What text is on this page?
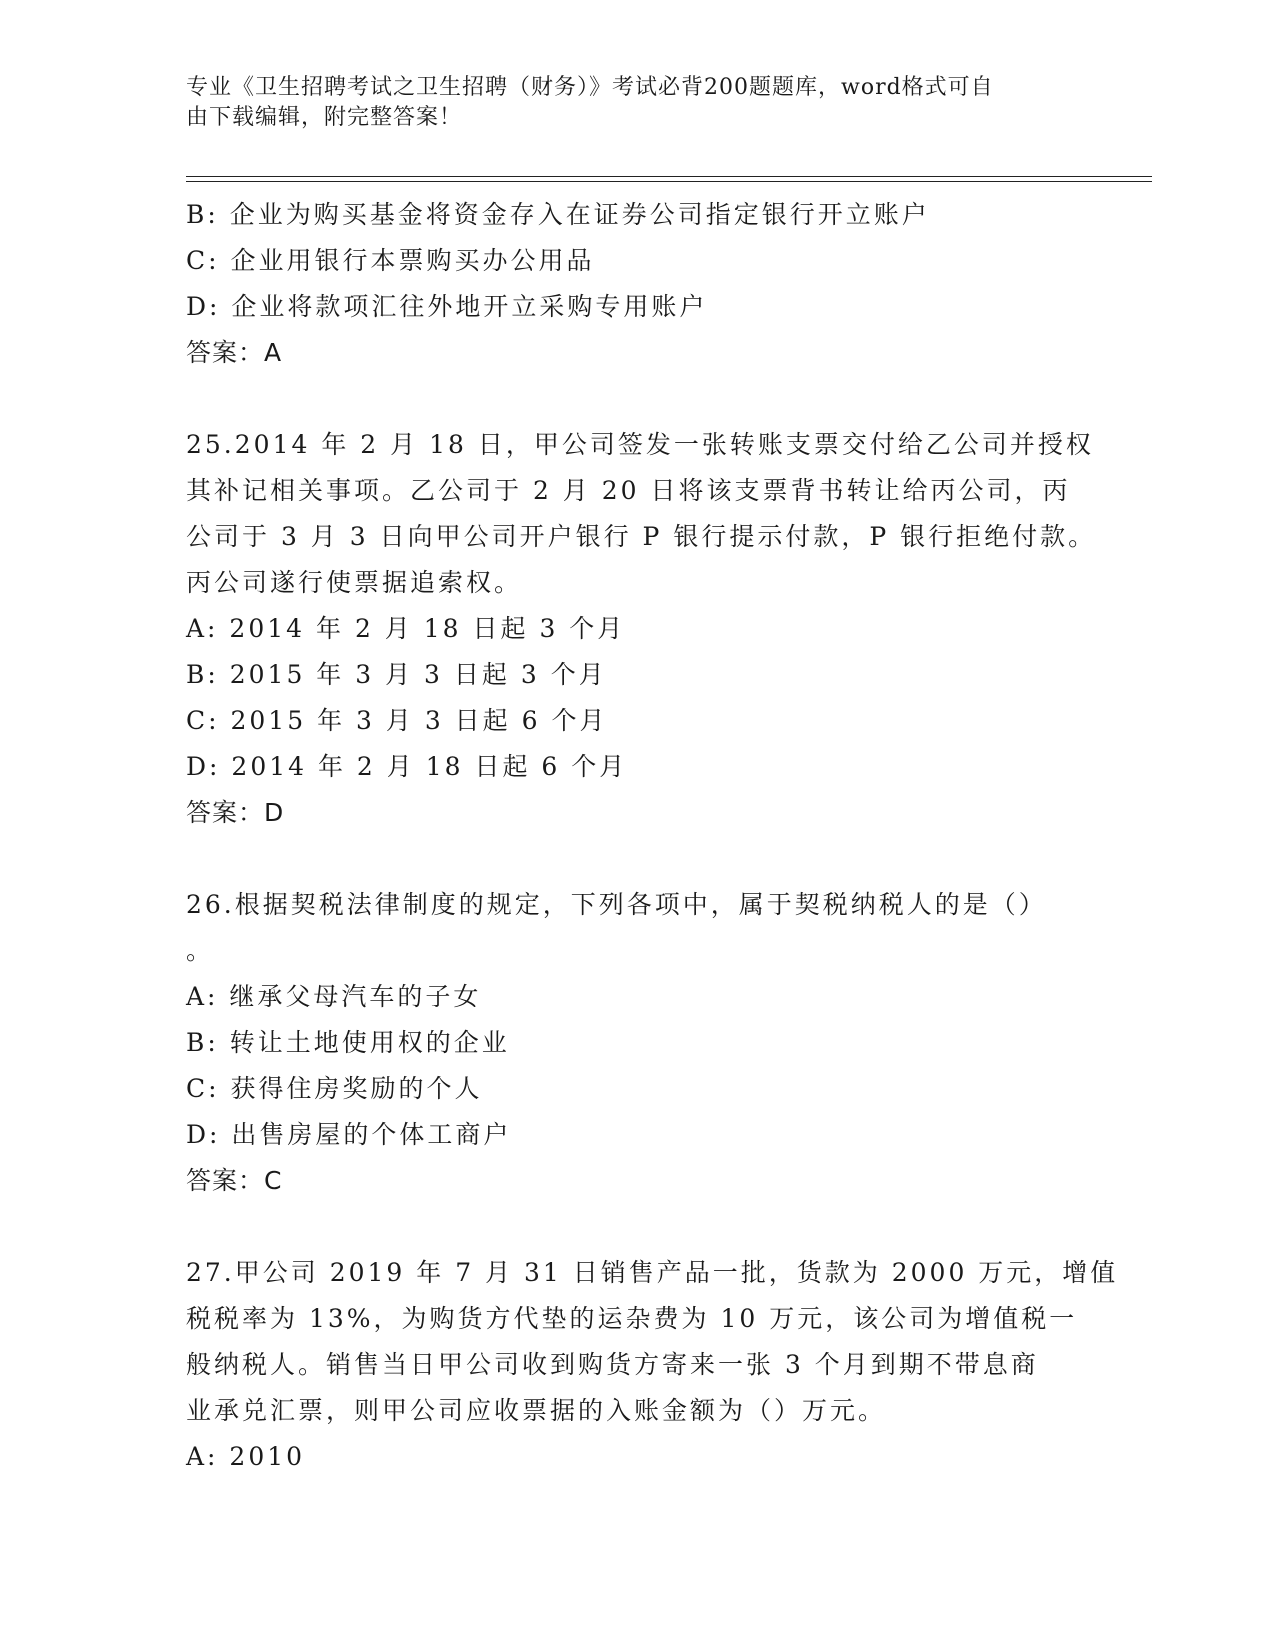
专业《卫生招聘考试之卫生招聘（财务）》考试必背200题题库，word格式可自
由下载编辑，附完整答案！
B: 企业为购买基金将资金存入在证券公司指定银行开立账户
C: 企业用银行本票购买办公用品
D: 企业将款项汇往外地开立采购专用账户
答案：A
25.2014 年 2 月 18 日，甲公司签发一张转账支票交付给乙公司并授权
其补记相关事项。乙公司于 2 月 20 日将该支票背书转让给丙公司，丙
公司于 3 月 3 日向甲公司开户银行 P 银行提示付款，P 银行拒绝付款。
丙公司遂行使票据追索权。
A: 2014 年 2 月 18 日起 3 个月
B: 2015 年 3 月 3 日起 3 个月
C: 2015 年 3 月 3 日起 6 个月
D: 2014 年 2 月 18 日起 6 个月
答案：D
26.根据契税法律制度的规定，下列各项中，属于契税纳税人的是（）
。
A: 继承父母汽车的子女
B: 转让土地使用权的企业
C: 获得住房奖励的个人
D: 出售房屋的个体工商户
答案：C
27.甲公司 2019 年 7 月 31 日销售产品一批，货款为 2000 万元，增值
税税率为 13%，为购货方代垫的运杂费为 10 万元，该公司为增值税一
般纳税人。销售当日甲公司收到购货方寄来一张 3 个月到期不带息商
业承兑汇票，则甲公司应收票据的入账金额为（）万元。
A: 2010
